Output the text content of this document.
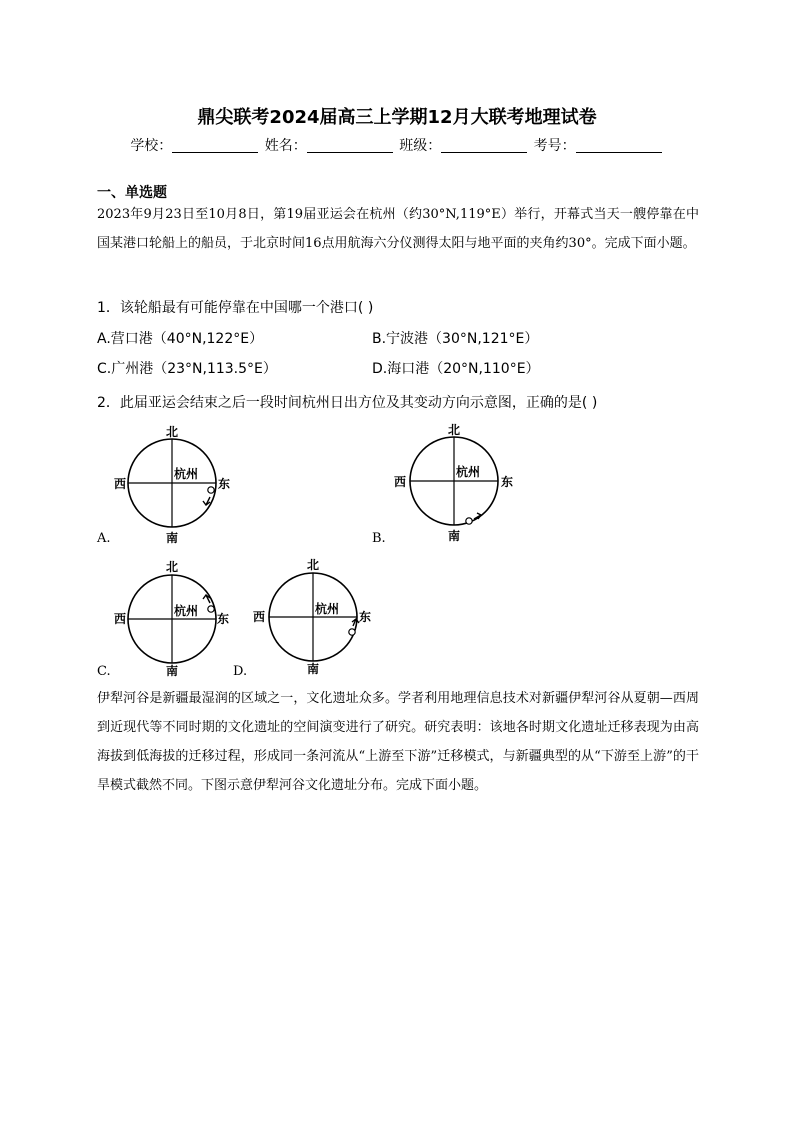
鼎尖联考2024届高三上学期12月大联考地理试卷
学校：	姓名：	班级：	考号：
一、单选题
2023年9月23日至10月8日，第19届亚运会在杭州（约30°N,119°E）举行，开幕式当天一艘停靠在中国某港口轮船上的船员，于北京时间16点用航海六分仪测得太阳与地平面的夹角约30°。完成下面小题。
1．该轮船最有可能停靠在中国哪一个港口( )
A.营口港（40°N,122°E）	B.宁波港（30°N,121°E）
C.广州港（23°N,113.5°E）	D.海口港（20°N,110°E）
2．此届亚运会结束之后一段时间杭州日出方位及其变动方向示意图，正确的是( )
北
南
西	东
杭州
A.
北
南
西	东
杭州
B.
北
南
西	东
杭州
C.
北
南
西	东
杭州
D.
伊犁河谷是新疆最湿润的区域之一，文化遗址众多。学者利用地理信息技术对新疆伊犁河谷从夏朝—西周到近现代等不同时期的文化遗址的空间演变进行了研究。研究表明：该地各时期文化遗址迁移表现为由高海拔到低海拔的迁移过程，形成同一条河流从“上游至下游”迁移模式，与新疆典型的从“下游至上游”的干旱模式截然不同。下图示意伊犁河谷文化遗址分布。完成下面小题。
